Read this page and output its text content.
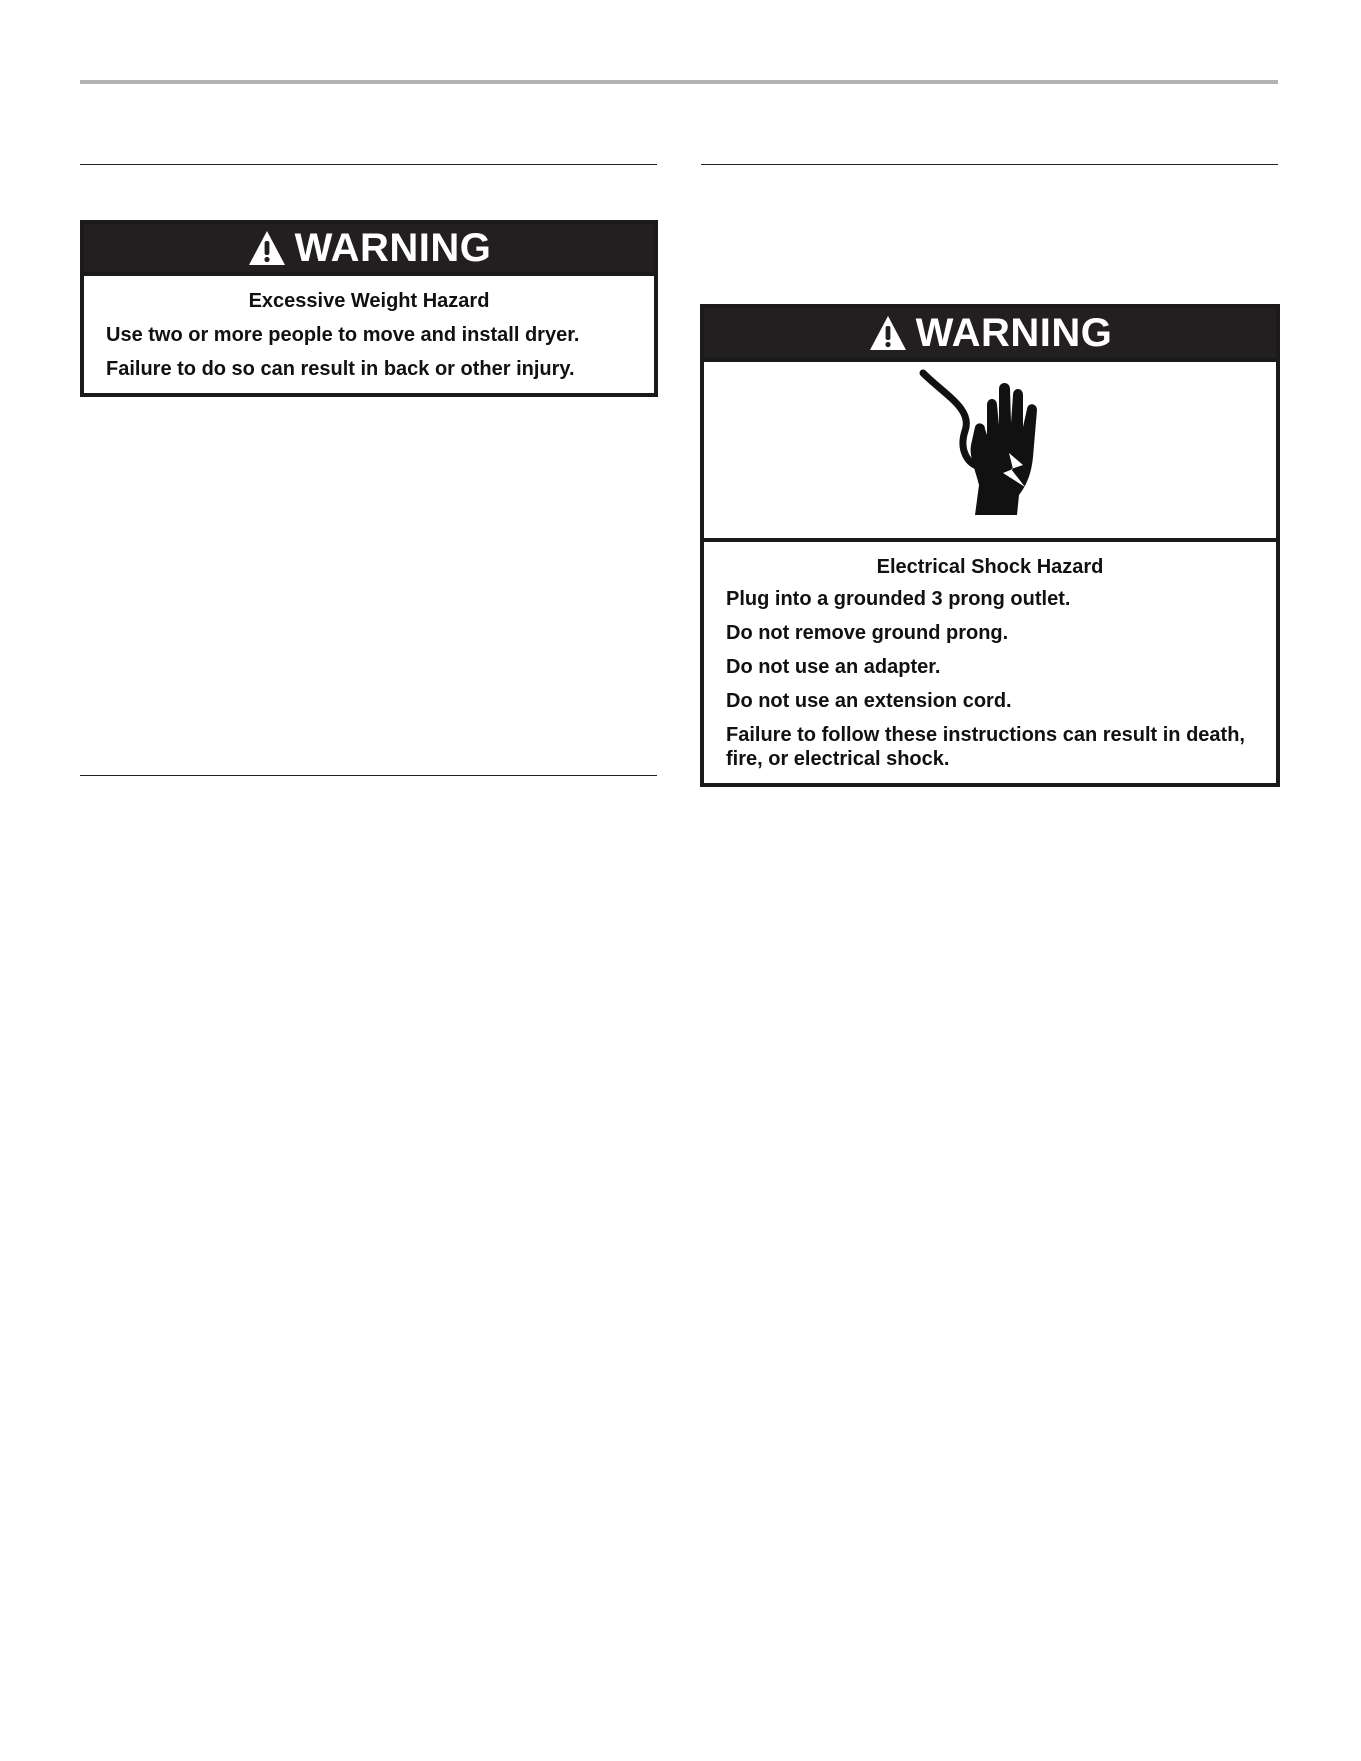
WARNING
Excessive Weight Hazard
Use two or more people to move and install dryer.
Failure to do so can result in back or other injury.
WARNING
Electrical Shock Hazard
Plug into a grounded 3 prong outlet.
Do not remove ground prong.
Do not use an adapter.
Do not use an extension cord.
Failure to follow these instructions can result in death, fire, or electrical shock.
